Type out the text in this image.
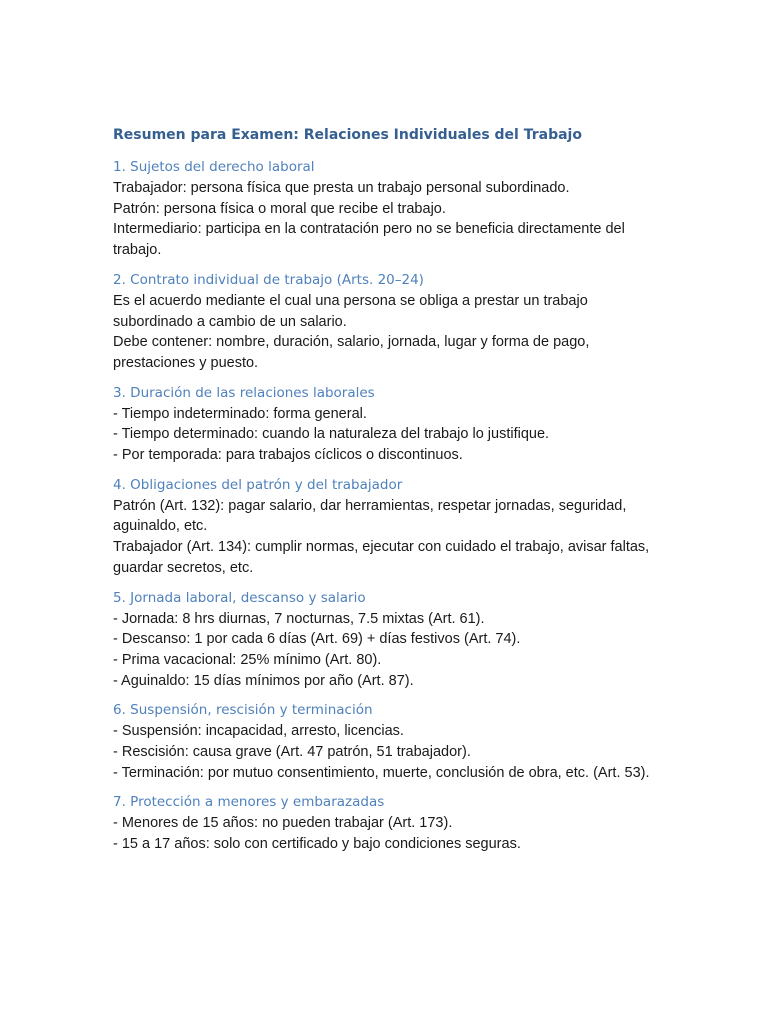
Resumen para Examen: Relaciones Individuales del Trabajo
1. Sujetos del derecho laboral

Trabajador: persona física que presta un trabajo personal subordinado.

Patrón: persona física o moral que recibe el trabajo.

Intermediario: participa en la contratación pero no se beneficia directamente del trabajo.

2. Contrato individual de trabajo (Arts. 20–24)

Es el acuerdo mediante el cual una persona se obliga a prestar un trabajo subordinado a cambio de un salario.

Debe contener: nombre, duración, salario, jornada, lugar y forma de pago, prestaciones y puesto.

3. Duración de las relaciones laborales

- Tiempo indeterminado: forma general.

- Tiempo determinado: cuando la naturaleza del trabajo lo justifique.

- Por temporada: para trabajos cíclicos o discontinuos.

4. Obligaciones del patrón y del trabajador

Patrón (Art. 132): pagar salario, dar herramientas, respetar jornadas, seguridad, aguinaldo, etc.

Trabajador (Art. 134): cumplir normas, ejecutar con cuidado el trabajo, avisar faltas, guardar secretos, etc.

5. Jornada laboral, descanso y salario

- Jornada: 8 hrs diurnas, 7 nocturnas, 7.5 mixtas (Art. 61).

- Descanso: 1 por cada 6 días (Art. 69) + días festivos (Art. 74).

- Prima vacacional: 25% mínimo (Art. 80).

- Aguinaldo: 15 días mínimos por año (Art. 87).

6. Suspensión, rescisión y terminación

- Suspensión: incapacidad, arresto, licencias.

- Rescisión: causa grave (Art. 47 patrón, 51 trabajador).

- Terminación: por mutuo consentimiento, muerte, conclusión de obra, etc. (Art. 53).

7. Protección a menores y embarazadas

- Menores de 15 años: no pueden trabajar (Art. 173).

- 15 a 17 años: solo con certificado y bajo condiciones seguras.
